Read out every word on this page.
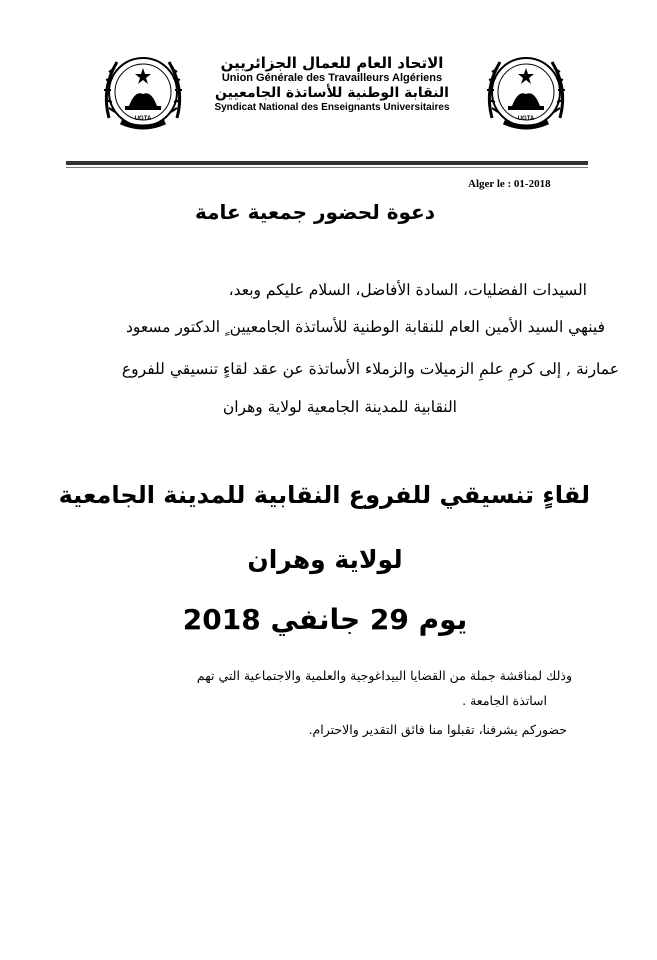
UGTA	UGTA
الاتحاد العام للعمال الجزائريين
Union Générale des Travailleurs Algériens
النقابة الوطنية للأساتذة الجامعيين
Syndicat National des Enseignants Universitaires
Alger le : 01-2018
دعوة لحضور جمعية عامة
السيدات الفضليات، السادة الأفاضل، السلام عليكم وبعد،
فينهي السيد الأمين العام للنقابة الوطنية للأساتذة الجامعيين ٍ الدكتور مسعود
عمارنة , إلى كرمِ علمِ الزميلات والزملاء الأساتذة عن عقد لقاءٍ تنسيقي للفروع
النقابية للمدينة الجامعية لولاية وهران
لقاءٍ تنسيقي للفروع النقابية للمدينة الجامعية
لولاية وهران
يوم 29 جانفي 2018
وذلك لمناقشة جملة من القضايا البيداغوجية والعلمية والاجتماعية التي تهم
اساتذة الجامعة .
حضوركم يشرفنا، تقبلوا منا فائق التقدير والاحترام.
